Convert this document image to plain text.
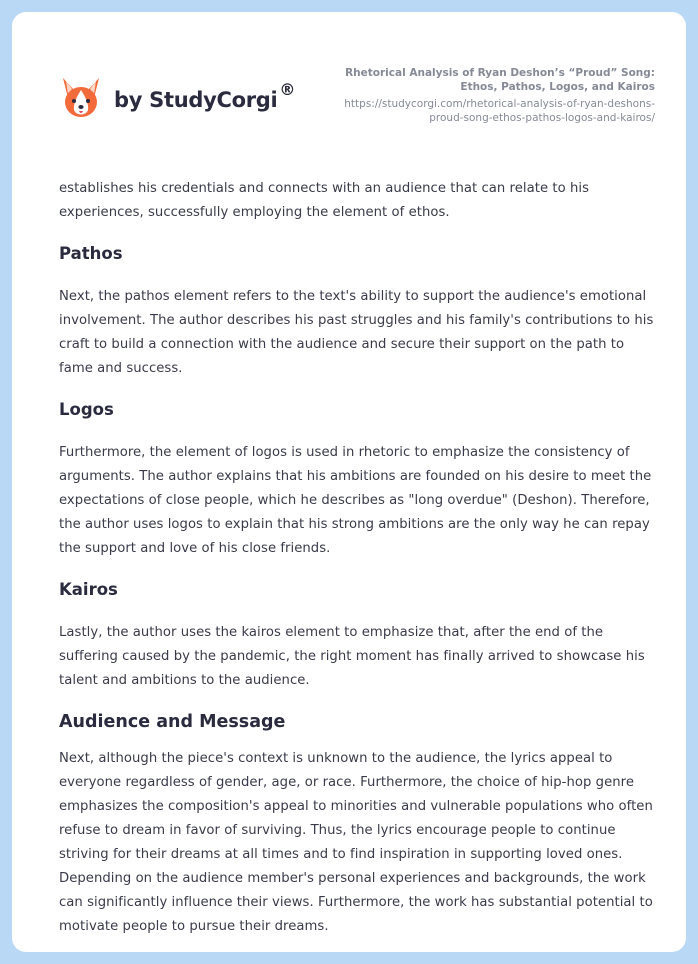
by StudyCorgi ®
Rhetorical Analysis of Ryan Deshon’s “Proud” Song:
Ethos, Pathos, Logos, and Kairos
https://studycorgi.com/rhetorical-analysis-of-ryan-deshons-
proud-song-ethos-pathos-logos-and-kairos/

establishes his credentials and connects with an audience that can relate to his experiences, successfully employing the element of ethos.

Pathos

Next, the pathos element refers to the text's ability to support the audience's emotional involvement. The author describes his past struggles and his family's contributions to his craft to build a connection with the audience and secure their support on the path to fame and success.

Logos

Furthermore, the element of logos is used in rhetoric to emphasize the consistency of arguments. The author explains that his ambitions are founded on his desire to meet the expectations of close people, which he describes as "long overdue" (Deshon). Therefore, the author uses logos to explain that his strong ambitions are the only way he can repay the support and love of his close friends.

Kairos

Lastly, the author uses the kairos element to emphasize that, after the end of the suffering caused by the pandemic, the right moment has finally arrived to showcase his talent and ambitions to the audience.

Audience and Message

Next, although the piece's context is unknown to the audience, the lyrics appeal to everyone regardless of gender, age, or race. Furthermore, the choice of hip-hop genre emphasizes the composition's appeal to minorities and vulnerable populations who often refuse to dream in favor of surviving. Thus, the lyrics encourage people to continue striving for their dreams at all times and to find inspiration in supporting loved ones. Depending on the audience member's personal experiences and backgrounds, the work can significantly influence their views. Furthermore, the work has substantial potential to motivate people to pursue their dreams.
